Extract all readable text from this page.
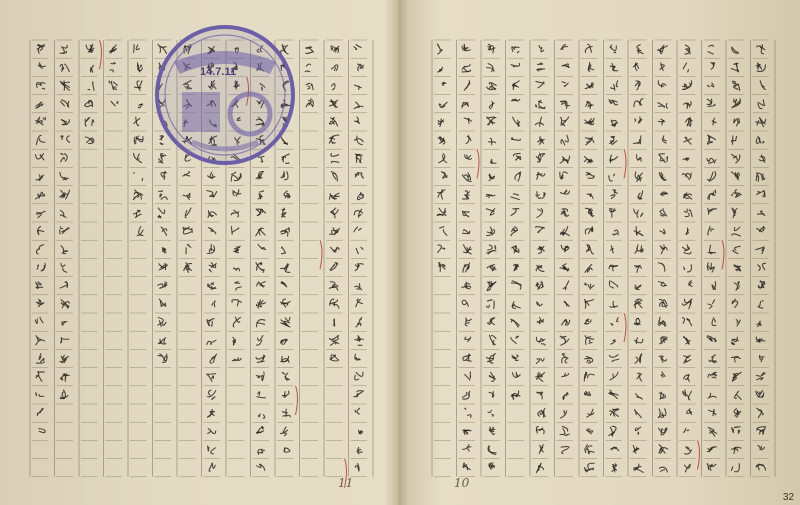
14.7.11
11	10
32
